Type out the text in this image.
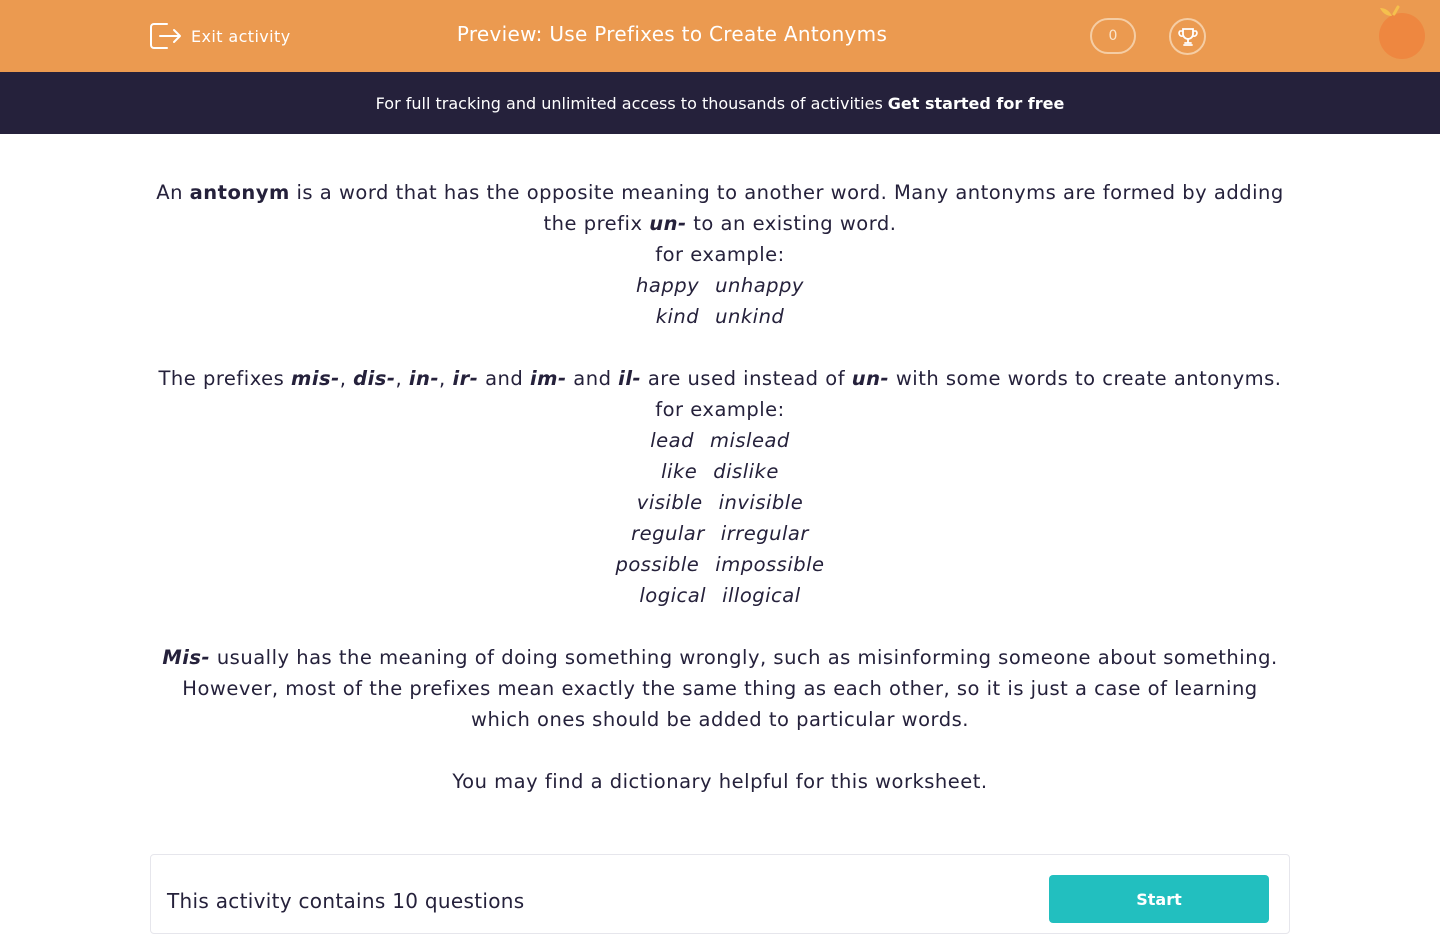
Exit activity	Preview: Use Prefixes to Create Antonyms	0
For full tracking and unlimited access to thousands of activities Get started for free
An antonym is a word that has the opposite meaning to another word. Many antonyms are formed by adding the prefix un- to an existing word.
for example:
happy unhappy
kind unkind
The prefixes mis-, dis-, in-, ir- and im- and il- are used instead of un- with some words to create antonyms.
for example:
lead mislead
like dislike
visible invisible
regular irregular
possible impossible
logical illogical
Mis- usually has the meaning of doing something wrongly, such as misinforming someone about something. However, most of the prefixes mean exactly the same thing as each other, so it is just a case of learning which ones should be added to particular words.
You may find a dictionary helpful for this worksheet.
This activity contains 10 questions	Start
